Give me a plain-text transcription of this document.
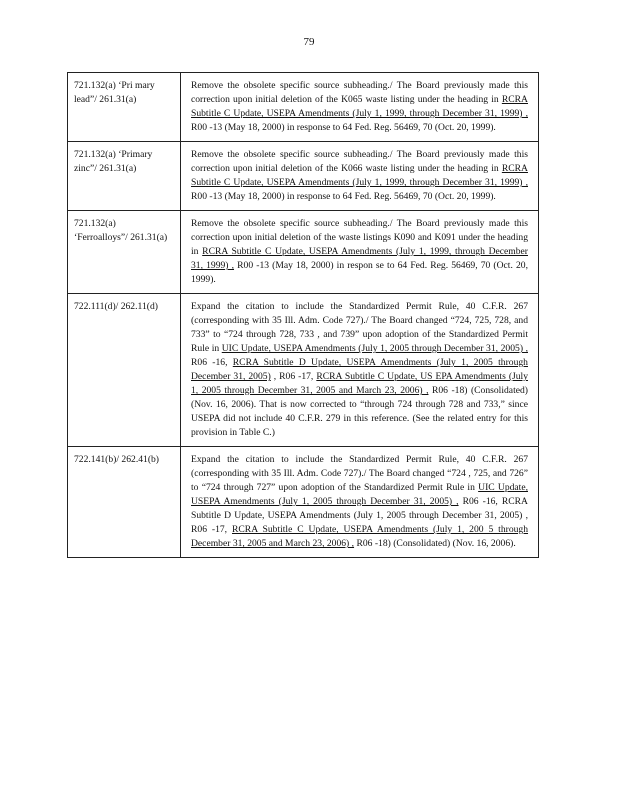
79
721.132(a) ‘Pri mary lead”/ 261.31(a)	Remove the obsolete specific source subheading./ The Board previously made this correction upon initial deletion of the K065 waste listing under the heading in RCRA Subtitle C Update, USEPA Amendments (July 1, 1999, through December 31, 1999) , R00 -13 (May 18, 2000) in response to 64 Fed. Reg. 56469, 70 (Oct. 20, 1999).

721.132(a) ‘Primary zinc”/ 261.31(a)	Remove the obsolete specific source subheading./ The Board previously made this correction upon initial deletion of the K066 waste listing under the heading in RCRA Subtitle C Update, USEPA Amendments (July 1, 1999, through December 31, 1999) , R00 -13 (May 18, 2000) in response to 64 Fed. Reg. 56469, 70 (Oct. 20, 1999).

721.132(a) ‘Ferroalloys”/ 261.31(a)	Remove the obsolete specific source subheading./ The Board previously made this correction upon initial deletion of the waste listings K090 and K091 under the heading in RCRA Subtitle C Update, USEPA Amendments (July 1, 1999, through December 31, 1999) , R00 -13 (May 18, 2000) in respon se to 64 Fed. Reg. 56469, 70 (Oct. 20, 1999).

722.111(d)/ 262.11(d)	Expand the citation to include the Standardized Permit Rule, 40 C.F.R. 267 (corresponding with 35 Ill. Adm. Code 727)./ The Board changed “724, 725, 728, and 733” to “724 through 728, 733 , and 739” upon adoption of the Standardized Permit Rule in UIC Update, USEPA Amendments (July 1, 2005 through December 31, 2005) , R06 -16, RCRA Subtitle D Update, USEPA Amendments (July 1, 2005 through December 31, 2005) , R06 -17, RCRA Subtitle C Update, US EPA Amendments (July 1, 2005 through December 31, 2005 and March 23, 2006) , R06 -18) (Consolidated) (Nov. 16, 2006). That is now corrected to “through 724 through 728 and 733,” since USEPA did not include 40 C.F.R. 279 in this reference. (See the related entry for this provision in Table C.)

722.141(b)/ 262.41(b)	Expand the citation to include the Standardized Permit Rule, 40 C.F.R. 267 (corresponding with 35 Ill. Adm. Code 727)./ The Board changed “724 , 725, and 726” to “724 through 727” upon adoption of the Standardized Permit Rule in UIC Update, USEPA Amendments (July 1, 2005 through December 31, 2005) , R06 -16, RCRA Subtitle D Update, USEPA Amendments (July 1, 2005 through December 31, 2005) , R06 -17, RCRA Subtitle C Update, USEPA Amendments (July 1, 200 5 through December 31, 2005 and March 23, 2006) , R06 -18) (Consolidated) (Nov. 16, 2006).
